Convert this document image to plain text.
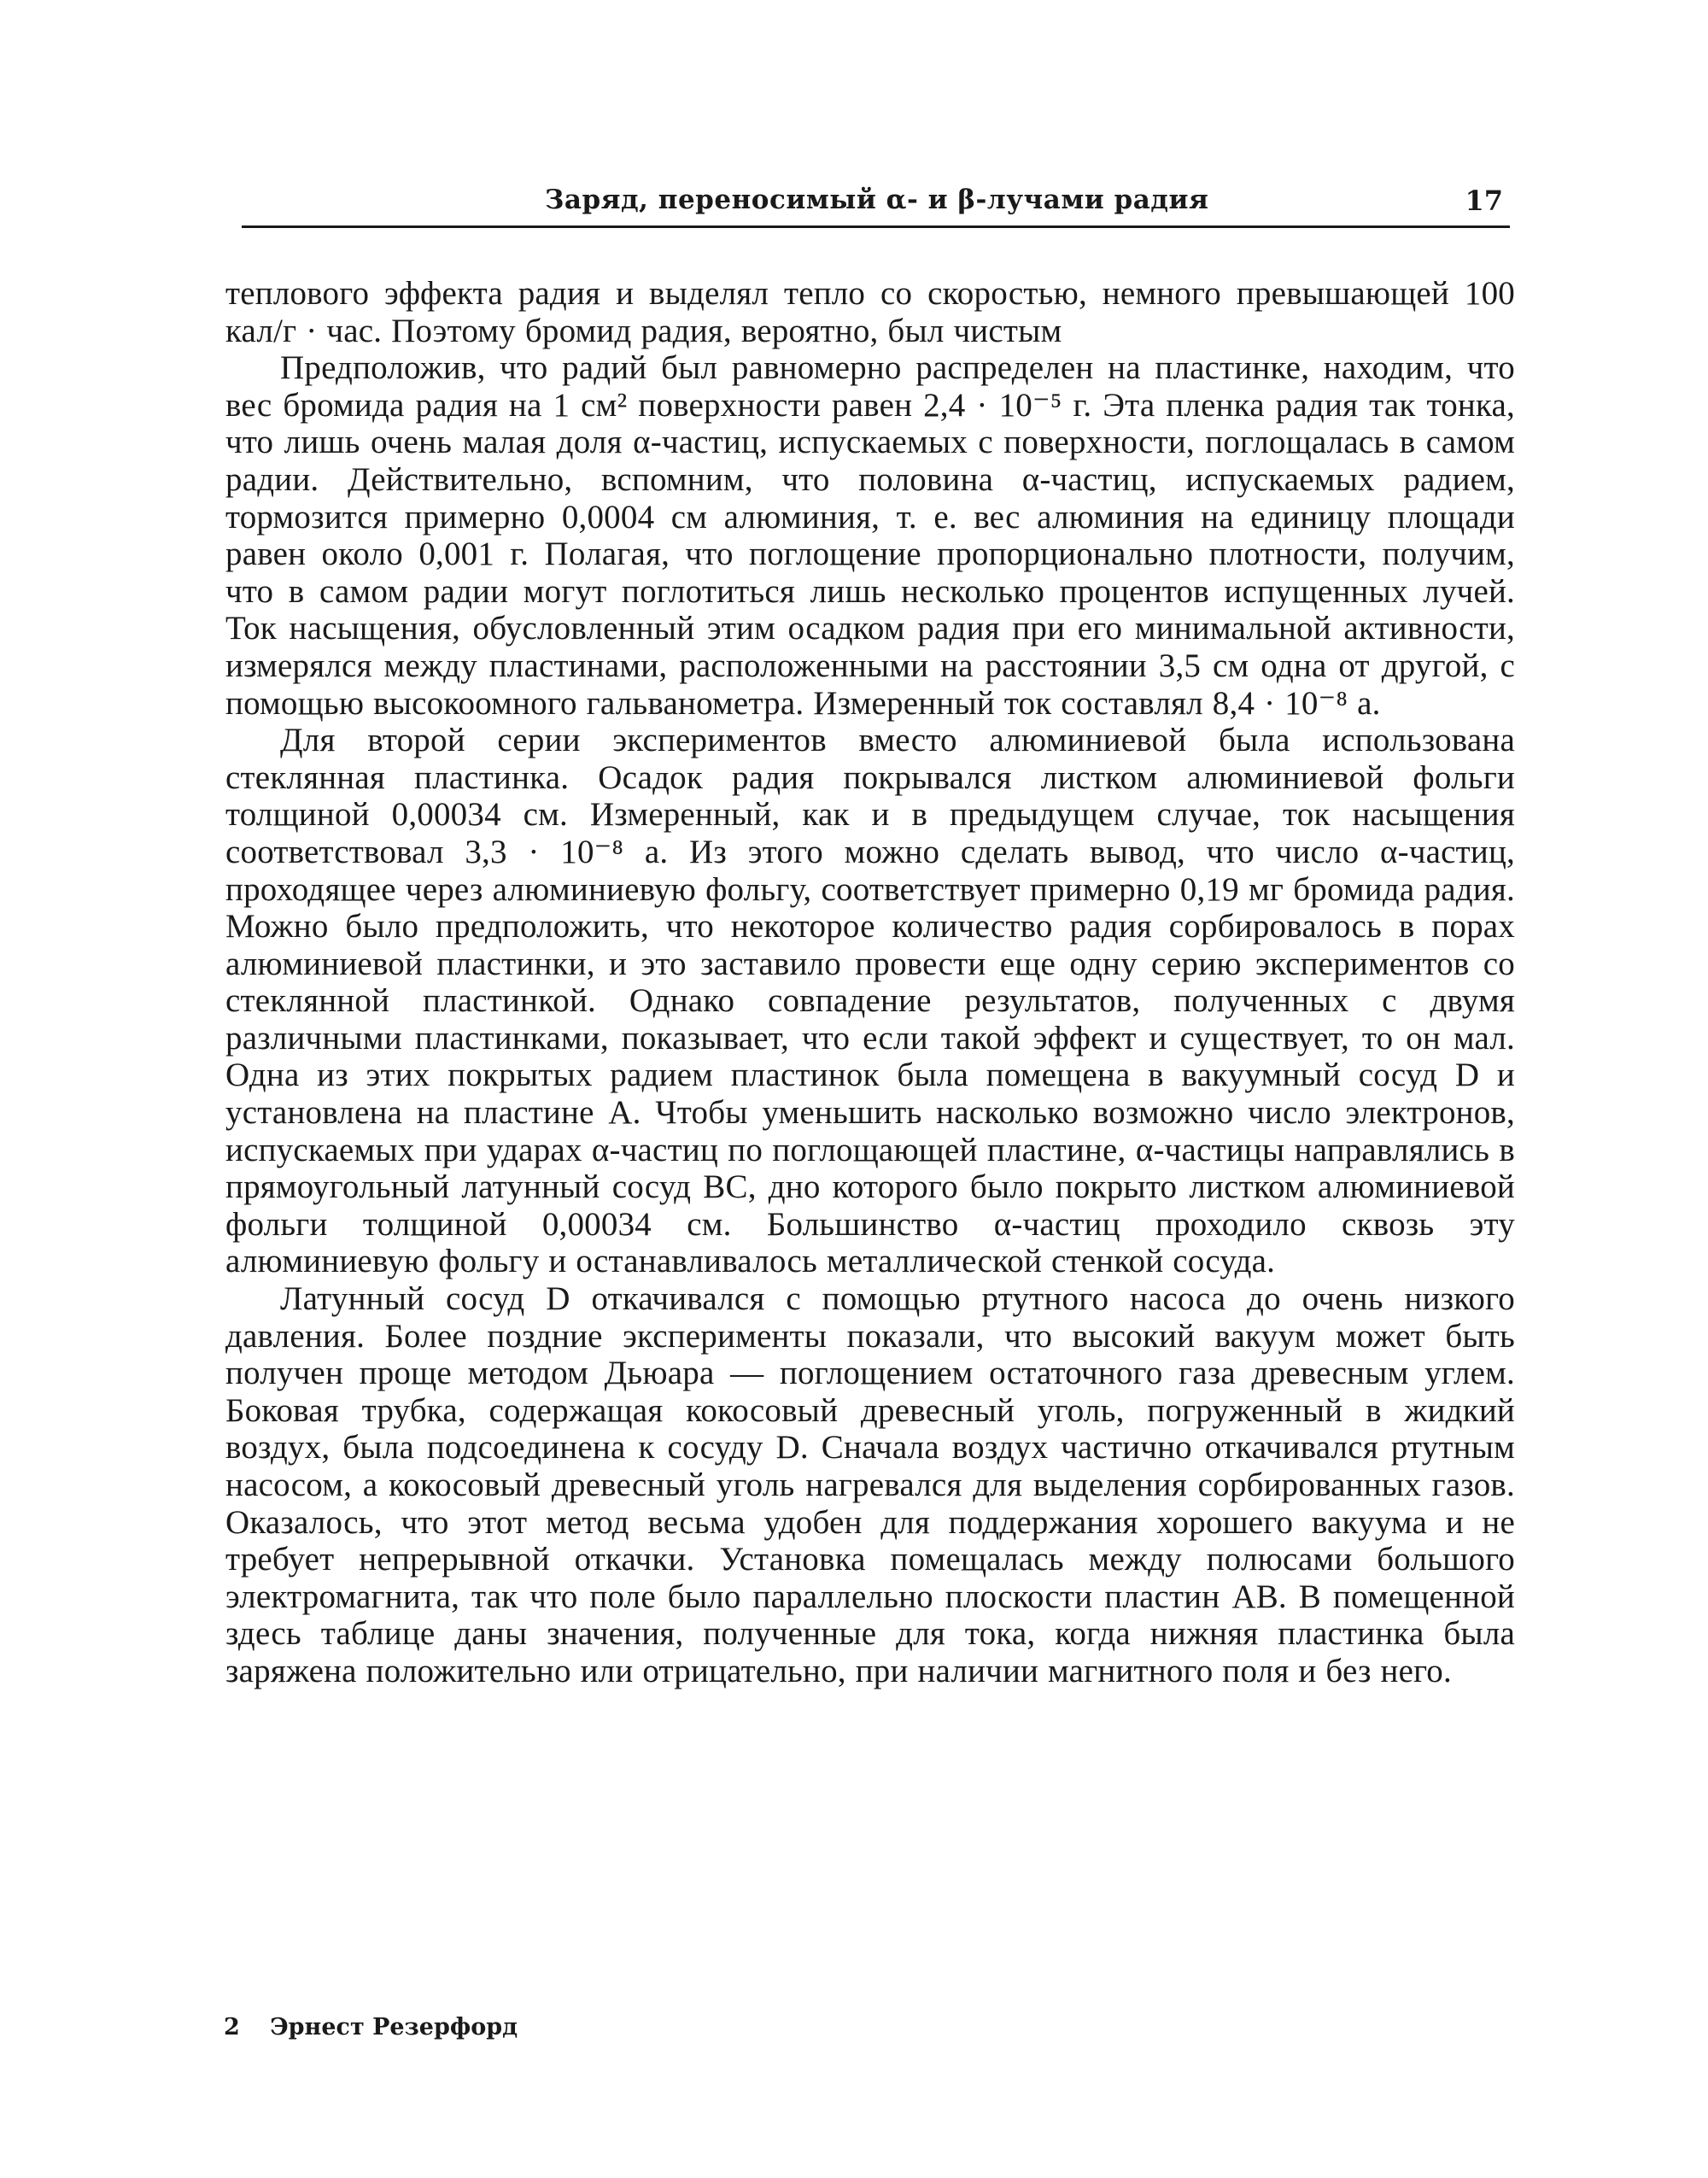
Заряд, переносимый α- и β-лучами радия	17

теплового эффекта радия и выделял тепло со скоростью, немного превышающей 100 кал/г · час. Поэтому бромид радия, вероятно, был чистым

Предположив, что радий был равномерно распределен на пластинке, находим, что вес бромида радия на 1 см² поверхности равен 2,4 · 10⁻⁵ г. Эта пленка радия так тонка, что лишь очень малая доля α-частиц, испускаемых с поверхности, поглощалась в самом радии. Действительно, вспомним, что половина α-частиц, испускаемых радием, тормозится примерно 0,0004 см алюминия, т. е. вес алюминия на единицу площади равен около 0,001 г. Полагая, что поглощение пропорционально плотности, получим, что в самом радии могут поглотиться лишь несколько процентов испущенных лучей. Ток насыщения, обусловленный этим осадком радия при его минимальной активности, измерялся между пластинами, расположенными на расстоянии 3,5 см одна от другой, с помощью высокоомного гальванометра. Измеренный ток составлял 8,4 · 10⁻⁸ а.

Для второй серии экспериментов вместо алюминиевой была использована стеклянная пластинка. Осадок радия покрывался листком алюминиевой фольги толщиной 0,00034 см. Измеренный, как и в предыдущем случае, ток насыщения соответствовал 3,3 · 10⁻⁸ а. Из этого можно сделать вывод, что число α-частиц, проходящее через алюминиевую фольгу, соответствует примерно 0,19 мг бромида радия. Можно было предположить, что некоторое количество радия сорбировалось в порах алюминиевой пластинки, и это заставило провести еще одну серию экспериментов со стеклянной пластинкой. Однако совпадение результатов, полученных с двумя различными пластинками, показывает, что если такой эффект и существует, то он мал. Одна из этих покрытых радием пластинок была помещена в вакуумный сосуд D и установлена на пластине A. Чтобы уменьшить насколько возможно число электронов, испускаемых при ударах α-частиц по поглощающей пластине, α-частицы направлялись в прямоугольный латунный сосуд BC, дно которого было покрыто листком алюминиевой фольги толщиной 0,00034 см. Большинство α-частиц проходило сквозь эту алюминиевую фольгу и останавливалось металлической стенкой сосуда.

Латунный сосуд D откачивался с помощью ртутного насоса до очень низкого давления. Более поздние эксперименты показали, что высокий вакуум может быть получен проще методом Дьюара — поглощением остаточного газа древесным углем. Боковая трубка, содержащая кокосовый древесный уголь, погруженный в жидкий воздух, была подсоединена к сосуду D. Сначала воздух частично откачивался ртутным насосом, а кокосовый древесный уголь нагревался для выделения сорбированных газов. Оказалось, что этот метод весьма удобен для поддержания хорошего вакуума и не требует непрерывной откачки. Установка помещалась между полюсами большого электромагнита, так что поле было параллельно плоскости пластин AB. В помещенной здесь таблице даны значения, полученные для тока, когда нижняя пластинка была заряжена положительно или отрицательно, при наличии магнитного поля и без него.

2 Эрнест Резерфорд
